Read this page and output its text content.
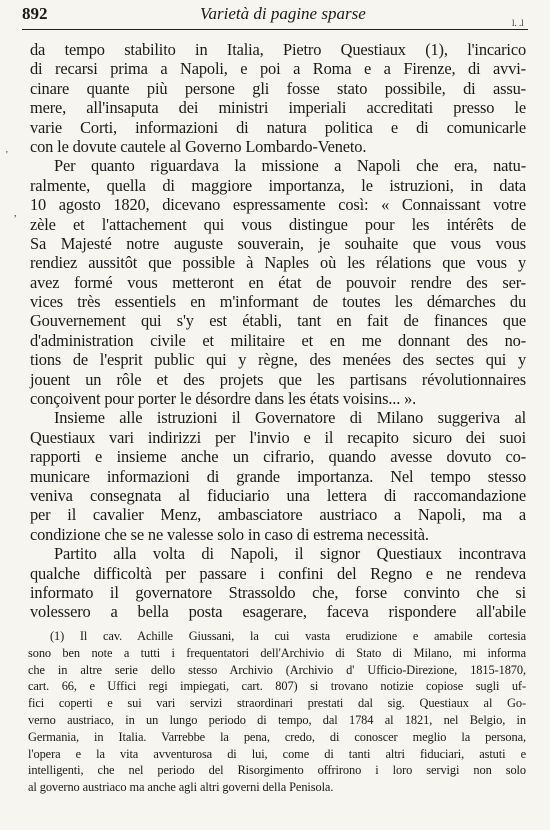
892	Varietà di pagine sparse	l. .l
'
,
da tempo stabilito in Italia, Pietro Questiaux (1), l'incarico
di recarsi prima a Napoli, e poi a Roma e a Firenze, di avvi-
cinare quante più persone gli fosse stato possibile, di assu-
mere, all'insaputa dei ministri imperiali accreditati presso le
varie Corti, informazioni di natura politica e di comunicarle
con le dovute cautele al Governo Lombardo-Veneto.
Per quanto riguardava la missione a Napoli che era, natu-
ralmente, quella di maggiore importanza, le istruzioni, in data
10 agosto 1820, dicevano espressamente così: « Connaissant votre
zèle et l'attachement qui vous distingue pour les intérêts de
Sa Majesté notre auguste souverain, je souhaite que vous vous
rendiez aussitôt que possible à Naples où les rélations que vous y
avez formé vous metteront en état de pouvoir rendre des ser-
vices très essentiels en m'informant de toutes les démarches du
Gouvernement qui s'y est établi, tant en fait de finances que
d'administration civile et militaire et en me donnant des no-
tions de l'esprit public qui y règne, des menées des sectes qui y
jouent un rôle et des projets que les partisans révolutionnaires
conçoivent pour porter le désordre dans les états voisins... ».
Insieme alle istruzioni il Governatore di Milano suggeriva al
Questiaux vari indirizzi per l'invio e il recapito sicuro dei suoi
rapporti e insieme anche un cifrario, quando avesse dovuto co-
municare informazioni di grande importanza. Nel tempo stesso
veniva consegnata al fiduciario una lettera di raccomandazione
per il cavalier Menz, ambasciatore austriaco a Napoli, ma a
condizione che se ne valesse solo in caso di estrema necessità.
Partito alla volta di Napoli, il signor Questiaux incontrava
qualche difficoltà per passare i confini del Regno e ne rendeva
informato il governatore Strassoldo che, forse convinto che si
volessero a bella posta esagerare, faceva rispondere all'abile
(1) Il cav. Achille Giussani, la cui vasta erudizione e amabile cortesia
sono ben note a tutti i frequentatori dell'Archivio di Stato di Milano, mi informa
che in altre serie dello stesso Archivio (Archivio d' Ufficio-Direzione, 1815-1870,
cart. 66, e Uffici regi impiegati, cart. 807) si trovano notizie copiose sugli uf-
fici coperti e sui vari servizi straordinari prestati dal sig. Questiaux al Go-
verno austriaco, in un lungo periodo di tempo, dal 1784 al 1821, nel Belgio, in
Germania, in Italia. Varrebbe la pena, credo, di conoscer meglio la persona,
l'opera e la vita avventurosa di lui, come di tanti altri fiduciari, astuti e
intelligenti, che nel periodo del Risorgimento offrirono i loro servigi non solo
al governo austriaco ma anche agli altri governi della Penisola.
